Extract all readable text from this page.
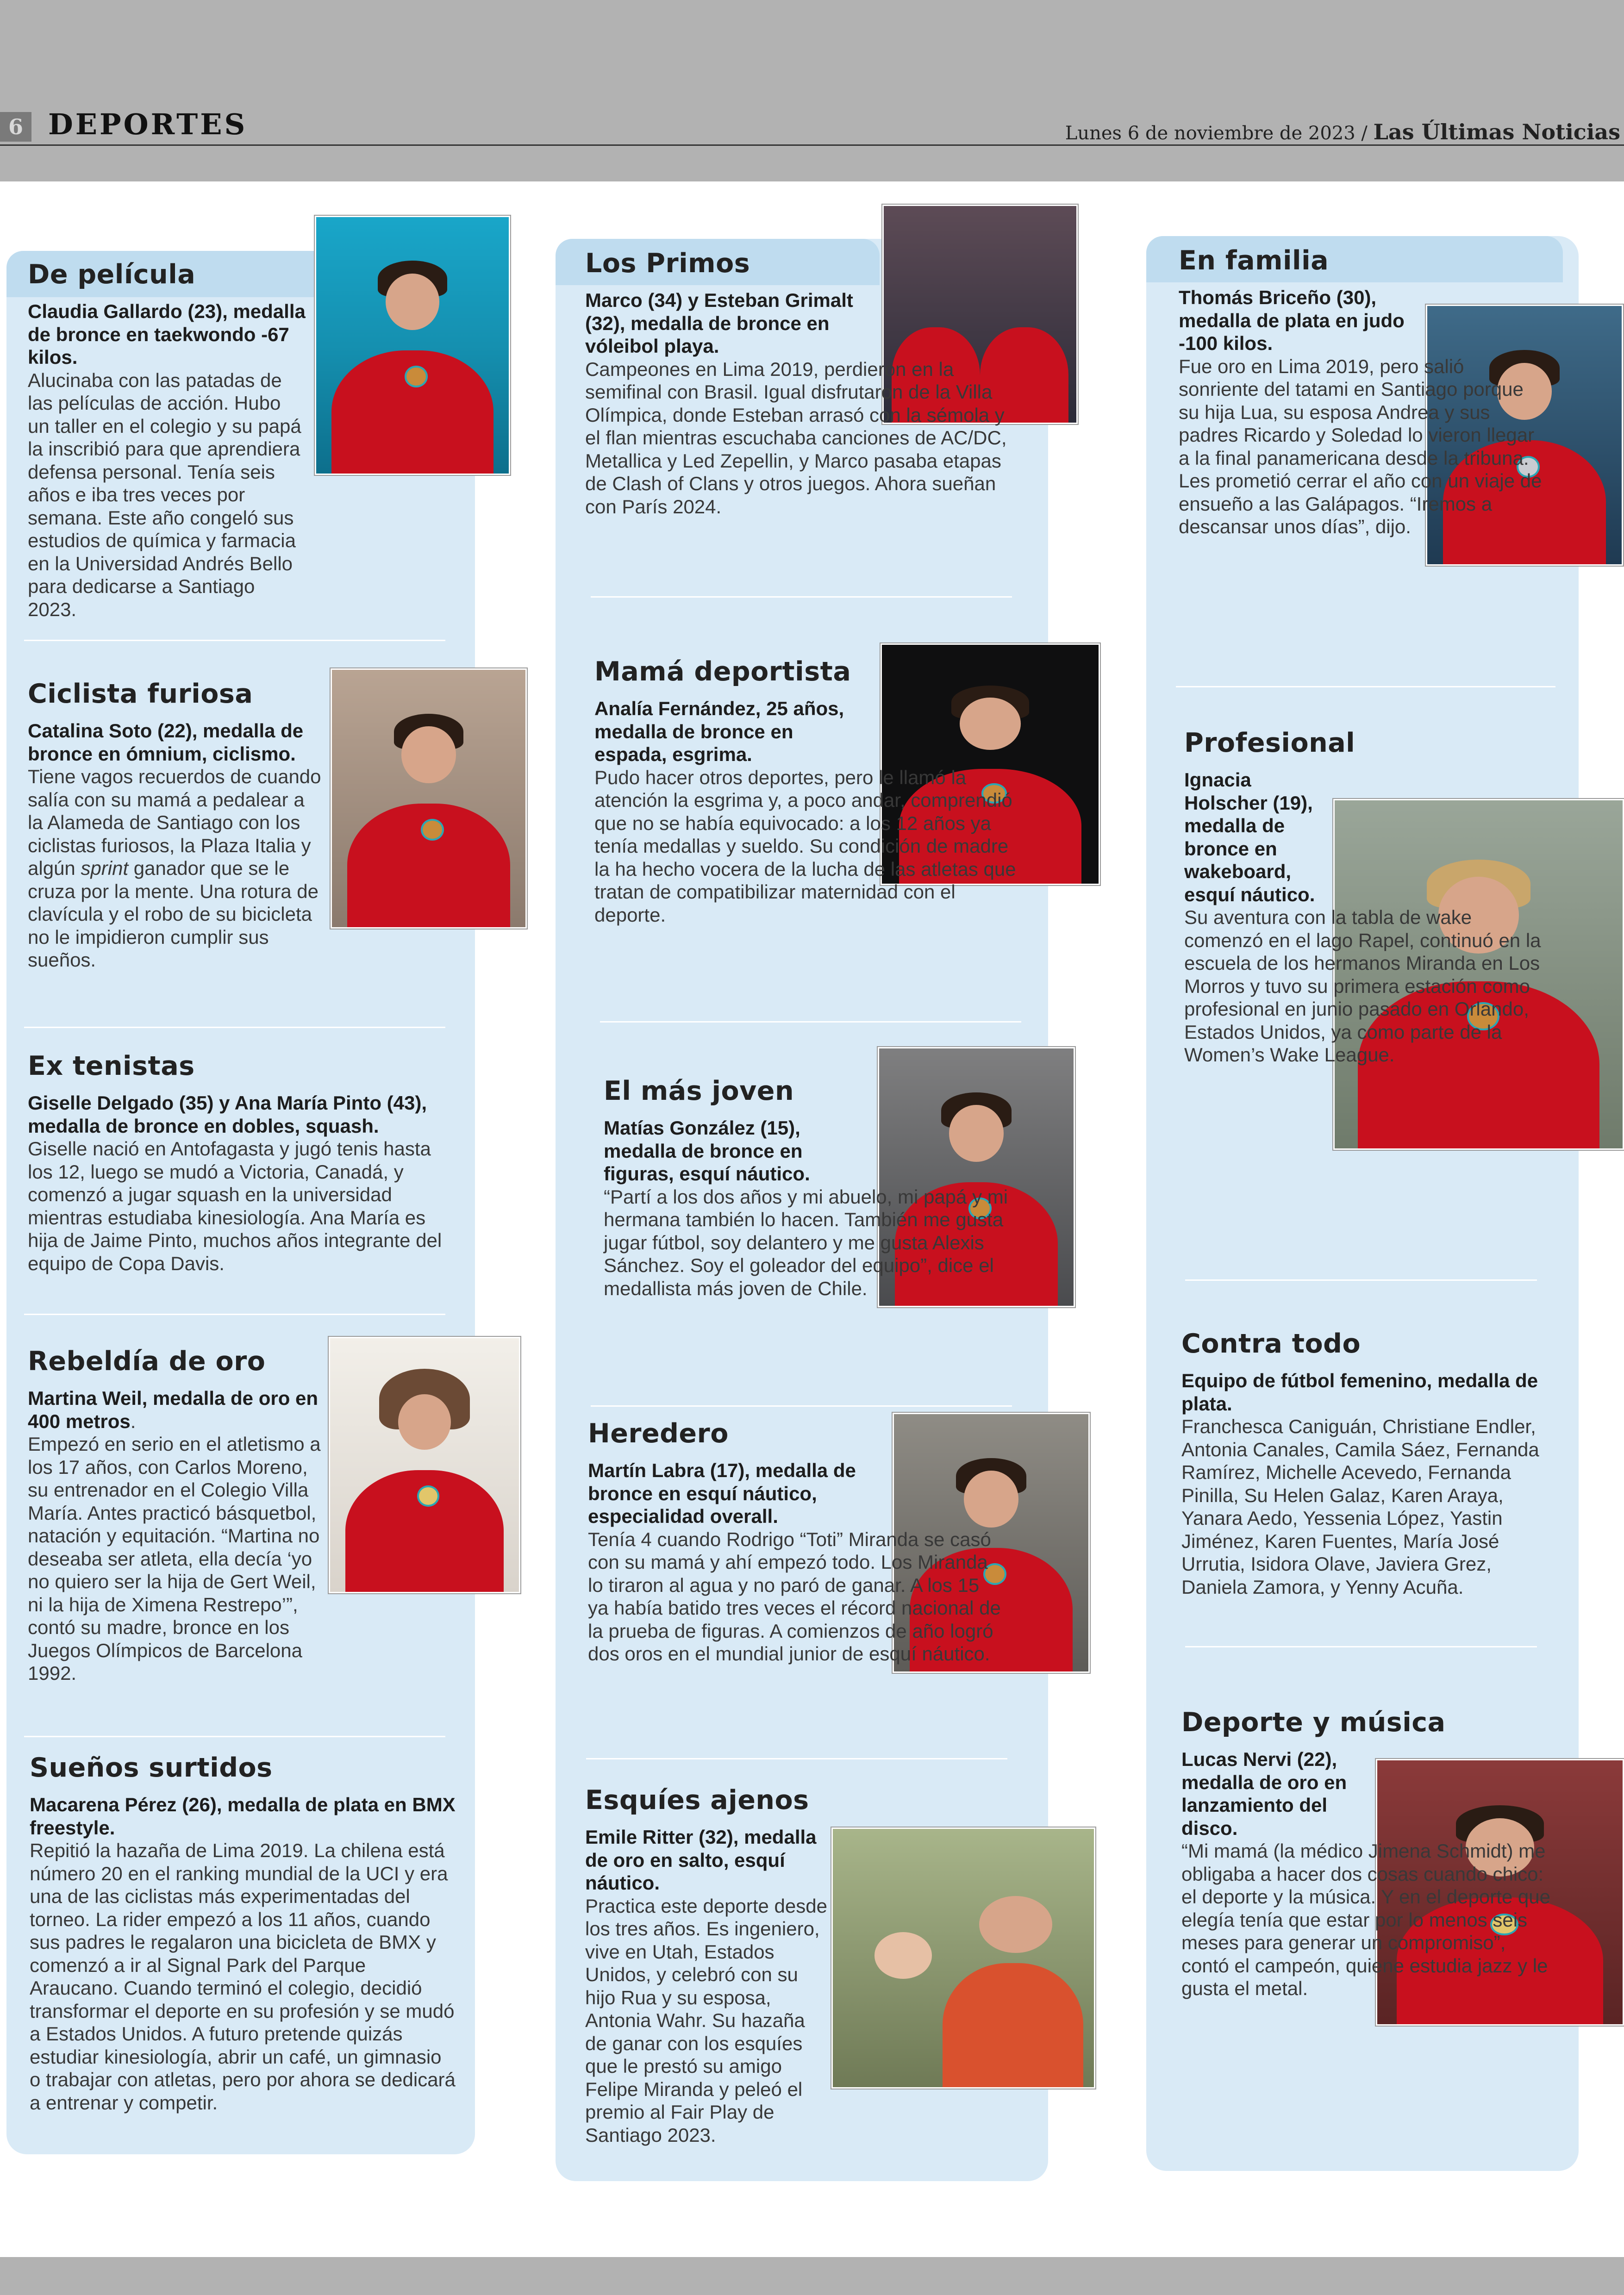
6 DEPORTES	Lunes 6 de noviembre de 2023 / Las Últimas Noticias
De película

Claudia Gallardo (23), medalla de bronce en taekwondo -67 kilos.
Alucinaba con las patadas de las películas de acción. Hubo un taller en el colegio y su papá la inscribió para que aprendiera defensa personal. Tenía seis años e iba tres veces por semana. Este año congeló sus estudios de química y farmacia en la Universidad Andrés Bello para dedicarse a Santiago 2023.

Ciclista furiosa

Catalina Soto (22), medalla de bronce en ómnium, ciclismo.
Tiene vagos recuerdos de cuando salía con su mamá a pedalear a la Alameda de Santiago con los ciclistas furiosos, la Plaza Italia y algún sprint ganador que se le cruza por la mente. Una rotura de clavícula y el robo de su bicicleta no le impidieron cumplir sus sueños.

Ex tenistas

Giselle Delgado (35) y Ana María Pinto (43), medalla de bronce en dobles, squash.
Giselle nació en Antofagasta y jugó tenis hasta los 12, luego se mudó a Victoria, Canadá, y comenzó a jugar squash en la universidad mientras estudiaba kinesiología. Ana María es hija de Jaime Pinto, muchos años integrante del equipo de Copa Davis.

Rebeldía de oro

Martina Weil, medalla de oro en 400 metros.
Empezó en serio en el atletismo a los 17 años, con Carlos Moreno, su entrenador en el Colegio Villa María. Antes practicó básquetbol, natación y equitación. “Martina no deseaba ser atleta, ella decía ‘yo no quiero ser la hija de Gert Weil, ni la hija de Ximena Restrepo’”, contó su madre, bronce en los Juegos Olímpicos de Barcelona 1992.

Sueños surtidos

Macarena Pérez (26), medalla de plata en BMX freestyle.
Repitió la hazaña de Lima 2019. La chilena está número 20 en el ranking mundial de la UCI y era una de las ciclistas más experimentadas del torneo. La rider empezó a los 11 años, cuando sus padres le regalaron una bicicleta de BMX y comenzó a ir al Signal Park del Parque Araucano. Cuando terminó el colegio, decidió transformar el deporte en su profesión y se mudó a Estados Unidos. A futuro pretende quizás estudiar kinesiología, abrir un café, un gimnasio o trabajar con atletas, pero por ahora se dedicará a entrenar y competir.

Los Primos

Marco (34) y Esteban Grimalt (32), medalla de bronce en vóleibol playa.
Campeones en Lima 2019, perdieron en la semifinal con Brasil. Igual disfrutaron de la Villa Olímpica, donde Esteban arrasó con la sémola y el flan mientras escuchaba canciones de AC/DC, Metallica y Led Zepellin, y Marco pasaba etapas de Clash of Clans y otros juegos. Ahora sueñan con París 2024.

Mamá deportista

Analía Fernández, 25 años, medalla de bronce en espada, esgrima.
Pudo hacer otros deportes, pero le llamó la atención la esgrima y, a poco andar, comprendió que no se había equivocado: a los 12 años ya tenía medallas y sueldo. Su condición de madre la ha hecho vocera de la lucha de las atletas que tratan de compatibilizar maternidad con el deporte.

El más joven

Matías González (15), medalla de bronce en figuras, esquí náutico.
“Partí a los dos años y mi abuelo, mi papá y mi hermana también lo hacen. También me gusta jugar fútbol, soy delantero y me gusta Alexis Sánchez. Soy el goleador del equipo”, dice el medallista más joven de Chile.

Heredero

Martín Labra (17), medalla de bronce en esquí náutico, especialidad overall.
Tenía 4 cuando Rodrigo “Toti” Miranda se casó con su mamá y ahí empezó todo. Los Miranda lo tiraron al agua y no paró de ganar. A los 15 ya había batido tres veces el récord nacional de la prueba de figuras. A comienzos de año logró dos oros en el mundial junior de esquí náutico.

Esquíes ajenos

Emile Ritter (32), medalla de oro en salto, esquí náutico.
Practica este deporte desde los tres años. Es ingeniero, vive en Utah, Estados Unidos, y celebró con su hijo Rua y su esposa, Antonia Wahr. Su hazaña de ganar con los esquíes que le prestó su amigo Felipe Miranda y peleó el premio al Fair Play de Santiago 2023.

En familia

Thomás Briceño (30), medalla de plata en judo -100 kilos.
Fue oro en Lima 2019, pero salió sonriente del tatami en Santiago porque su hija Lua, su esposa Andrea y sus padres Ricardo y Soledad lo vieron llegar a la final panamericana desde la tribuna. Les prometió cerrar el año con un viaje de ensueño a las Galápagos. “Iremos a descansar unos días”, dijo.

Profesional

Ignacia Holscher (19), medalla de bronce en wakeboard, esquí náutico.
Su aventura con la tabla de wake comenzó en el lago Rapel, continuó en la escuela de los hermanos Miranda en Los Morros y tuvo su primera estación como profesional en junio pasado en Orlando, Estados Unidos, ya como parte de la Women’s Wake League.

Contra todo

Equipo de fútbol femenino, medalla de plata.
Franchesca Caniguán, Christiane Endler, Antonia Canales, Camila Sáez, Fernanda Ramírez, Michelle Acevedo, Fernanda Pinilla, Su Helen Galaz, Karen Araya, Yanara Aedo, Yessenia López, Yastin Jiménez, Karen Fuentes, María José Urrutia, Isidora Olave, Javiera Grez, Daniela Zamora, y Yenny Acuña.

Deporte y música

Lucas Nervi (22), medalla de oro en lanzamiento del disco.
“Mi mamá (la médico Jimena Schmidt) me obligaba a hacer dos cosas cuando chico: el deporte y la música. Y en el deporte que elegía tenía que estar por lo menos seis meses para generar un compromiso”, contó el campeón, quiene estudia jazz y le gusta el metal.
